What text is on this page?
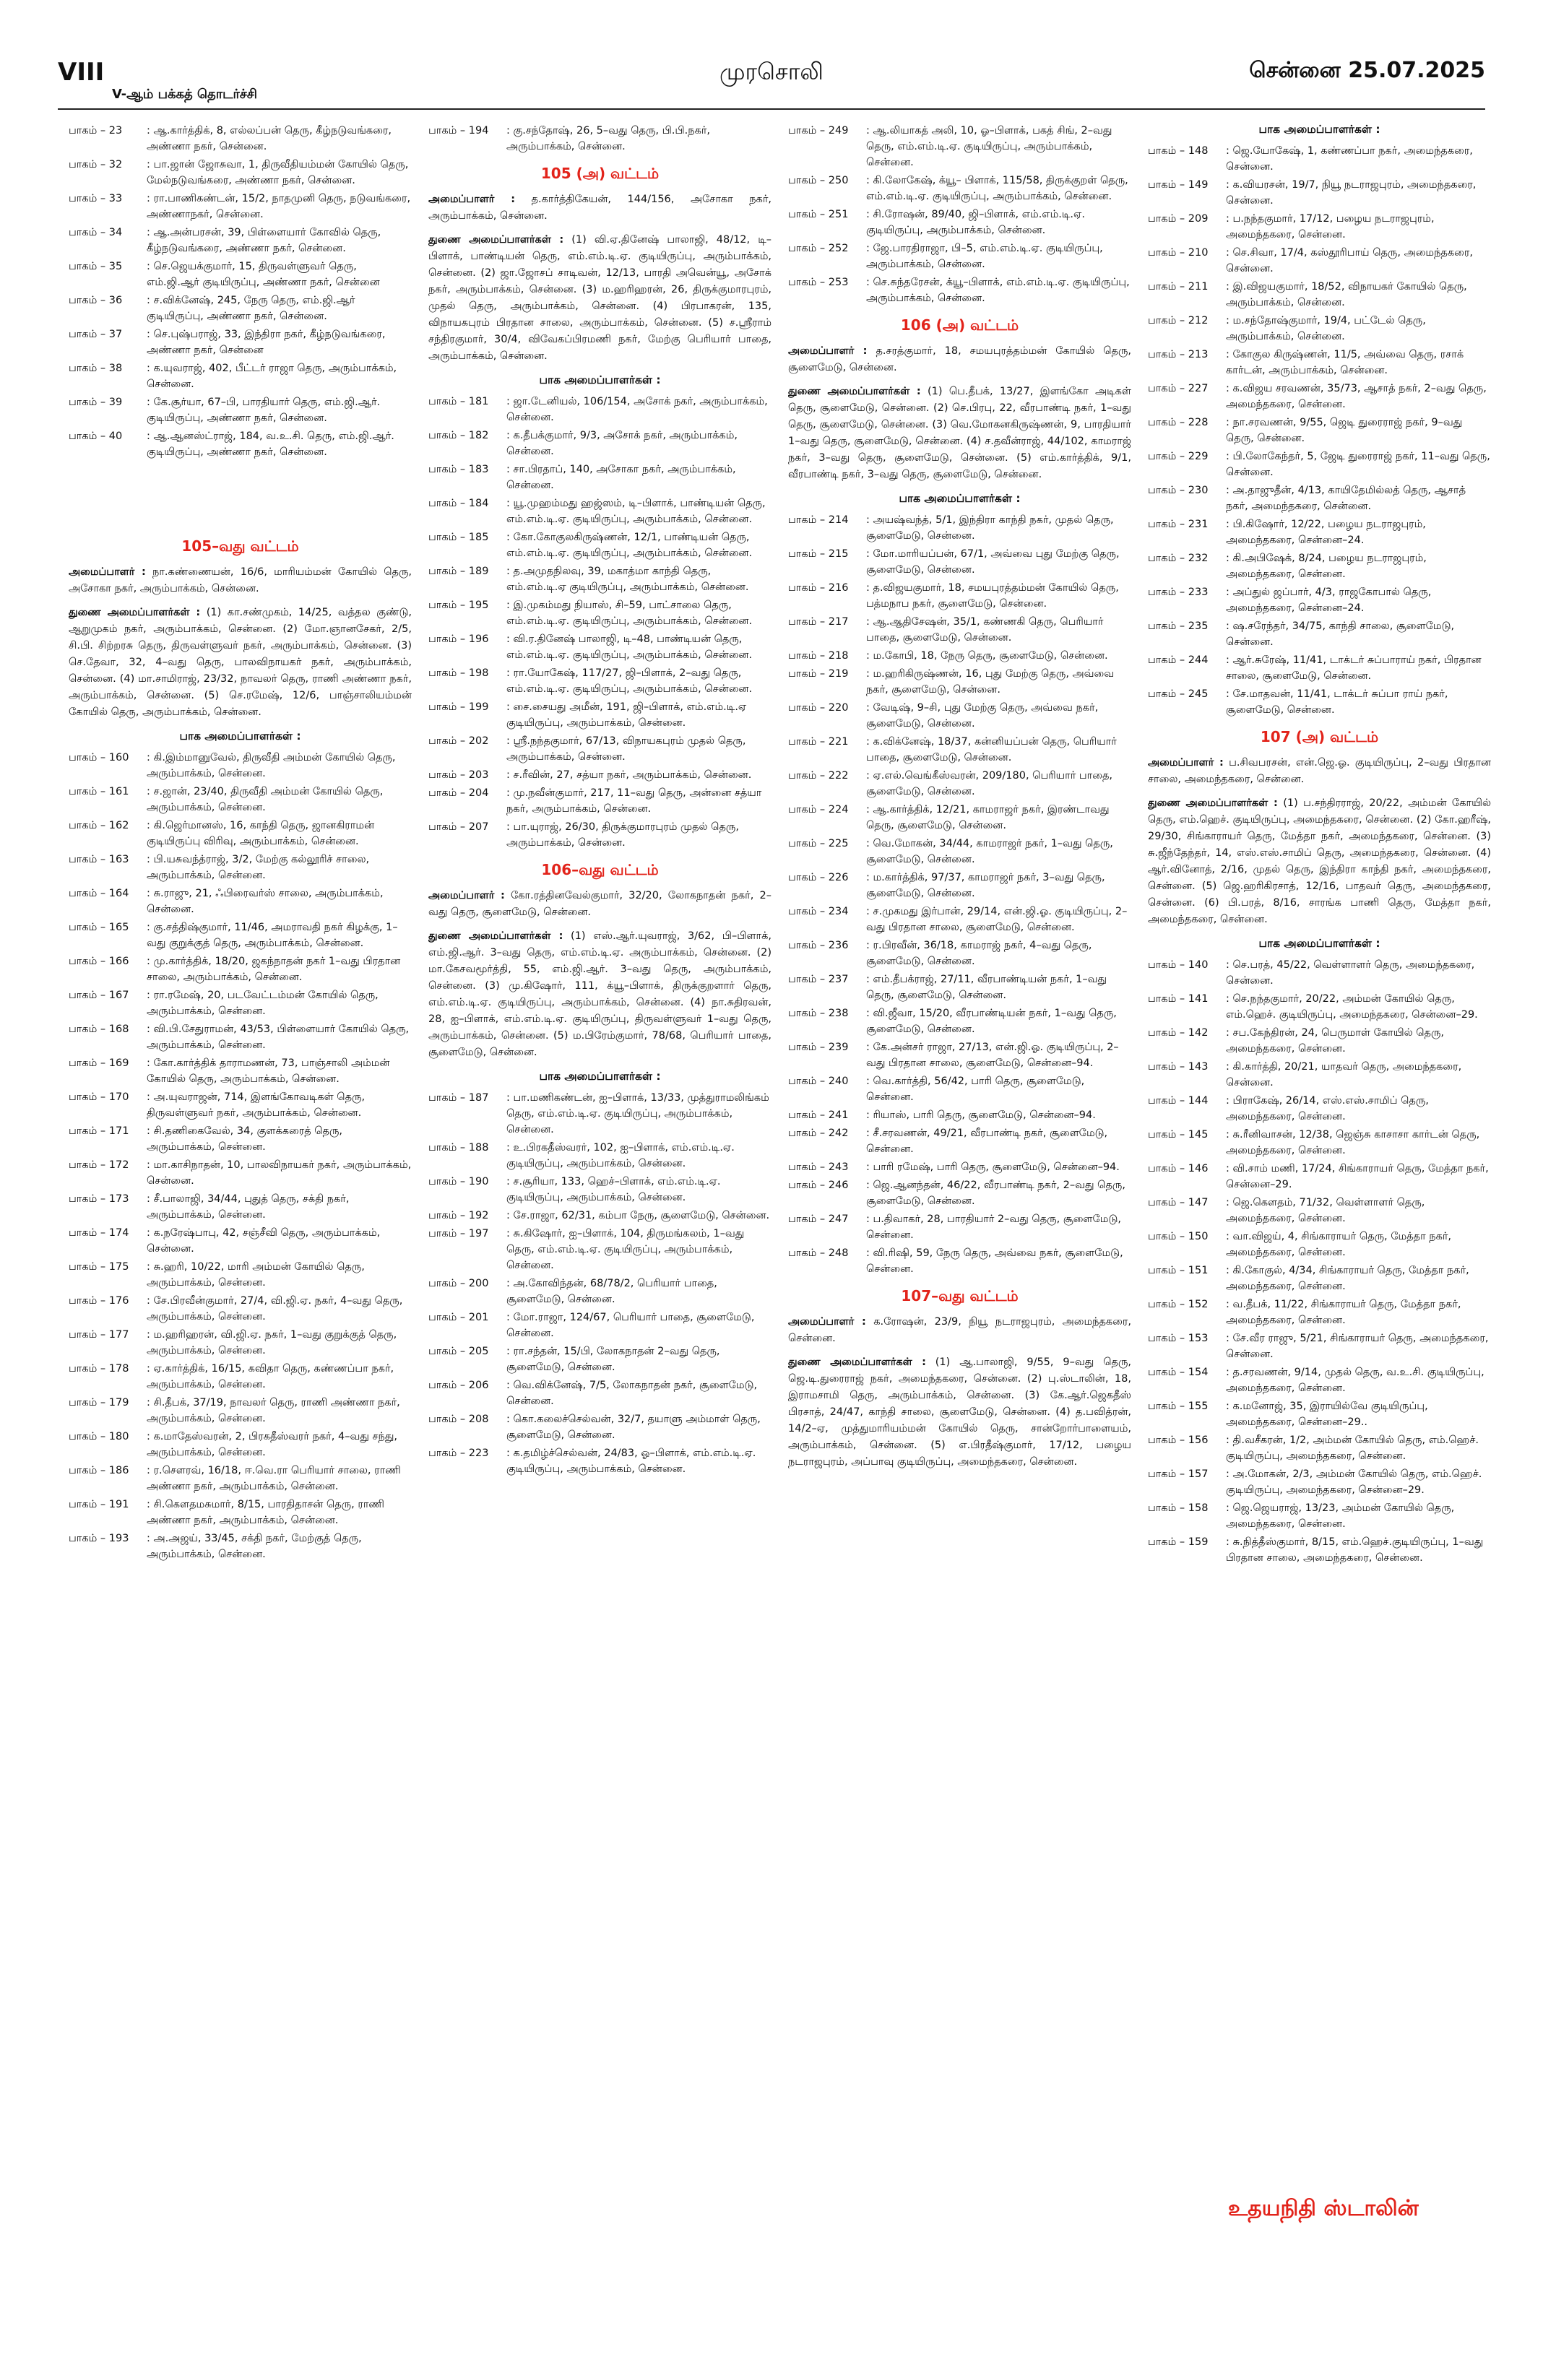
VIII
V-ஆம் பக்கத் தொடர்ச்சி
முரசொலி	சென்னை 25.07.2025
பாகம் – 23	: ஆ.கார்த்திக், 8, எல்லப்பன் தெரு, கீழ்நடுவங்கரை, அண்ணா நகர், சென்னை.
பாகம் – 32	: பா.ஜான் ஜோசுவா, 1, திருவீதியம்மன் கோயில் தெரு, மேல்நடுவங்கரை, அண்ணா நகர், சென்னை.
பாகம் – 33	: ரா.பாணிகண்டன், 15/2, நாதமுனி தெரு, நடுவங்கரை, அண்ணாநகர், சென்னை.
பாகம் – 34	: ஆ.அன்பரசன், 39, பிள்ளையார் கோவில் தெரு, கீழ்நடுவங்கரை, அண்ணா நகர், சென்னை.
பாகம் – 35	: செ.ஜெயக்குமார், 15, திருவள்ளுவர் தெரு, எம்.ஜி.ஆர் குடியிருப்பு, அண்ணா நகர், சென்னை
பாகம் – 36	: ச.விக்னேஷ், 245, நேரு தெரு, எம்.ஜி.ஆர் குடியிருப்பு, அண்ணா நகர், சென்னை.
பாகம் – 37	: செ.புஷ்பராஜ், 33, இந்திரா நகர், கீழ்நடுவங்கரை, அண்ணா நகர், சென்னை
பாகம் – 38	: க.யுவராஜ், 402, பீட்டர் ராஜா தெரு, அரும்பாக்கம், சென்னை.
பாகம் – 39	: கே.சூர்யா, 67–பி, பாரதியார் தெரு, எம்.ஜி.ஆர். குடியிருப்பு, அண்ணா நகர், சென்னை.
பாகம் – 40	: ஆ.ஆனஸ்ட்ராஜ், 184, வ.உ.சி. தெரு, எம்.ஜி.ஆர். குடியிருப்பு, அண்ணா நகர், சென்னை.
105–வது வட்டம்
அமைப்பாளர் : நா.கண்ணையன், 16/6, மாரியம்மன் கோயில் தெரு, அசோகா நகர், அரும்பாக்கம், சென்னை.
துணை அமைப்பாளர்கள் : (1) கா.சண்முகம், 14/25, வத்தல குண்டு, ஆறுமுகம் நகர், அரும்பாக்கம், சென்னை. (2) மோ.ஞானசேகர், 2/5, சி.பி. சிற்றரசு தெரு, திருவள்ளுவர் நகர், அரும்பாக்கம், சென்னை. (3) செ.தேவா, 32, 4–வது தெரு, பாலவிநாயகர் நகர், அரும்பாக்கம், சென்னை. (4) மா.சாமிராஜ், 23/32, நாவலர் தெரு, ராணி அண்ணா நகர், அரும்பாக்கம், சென்னை. (5) செ.ரமேஷ், 12/6, பாஞ்சாலியம்மன் கோயில் தெரு, அரும்பாக்கம், சென்னை.
பாக அமைப்பாளர்கள் :
பாகம் – 160	: கி.இம்மானுவேல், திருவீதி அம்மன் கோயில் தெரு, அரும்பாக்கம், சென்னை.
பாகம் – 161	: ச.ஜான், 23/40, திருவீதி அம்மன் கோயில் தெரு, அரும்பாக்கம், சென்னை.
பாகம் – 162	: கி.ஜெர்மானஸ், 16, காந்தி தெரு, ஜானகிராமன் குடியிருப்பு விரிவு, அரும்பாக்கம், சென்னை.
பாகம் – 163	: பி.யசுவந்த்ராஜ், 3/2, மேற்கு கல்லூரிச் சாலை, அரும்பாக்கம், சென்னை.
பாகம் – 164	: சு.ராஜு, 21, ஃபிரைவர்ஸ் சாலை, அரும்பாக்கம், சென்னை.
பாகம் – 165	: கு.சத்திஷ்குமார், 11/46, அமராவதி நகர் கிழக்கு, 1–வது குறுக்குத் தெரு, அரும்பாக்கம், சென்னை.
பாகம் – 166	: மு.கார்த்திக், 18/20, ஜகந்நாதன் நகர் 1–வது பிரதான சாலை, அரும்பாக்கம், சென்னை.
பாகம் – 167	: ரா.ரமேஷ், 20, படவேட்டம்மன் கோயில் தெரு, அரும்பாக்கம், சென்னை.
பாகம் – 168	: வி.பி.சேதுராமன், 43/53, பிள்ளையார் கோயில் தெரு, அரும்பாக்கம், சென்னை.
பாகம் – 169	: கோ.கார்த்திக் தாராமணன், 73, பாஞ்சாலி அம்மன் கோயில் தெரு, அரும்பாக்கம், சென்னை.
பாகம் – 170	: அ.யுவராஜன், 714, இளங்கோவடிகள் தெரு, திருவள்ளுவர் நகர், அரும்பாக்கம், சென்னை.
பாகம் – 171	: சி.தணிகைவேல், 34, குளக்கரைத் தெரு, அரும்பாக்கம், சென்னை.
பாகம் – 172	: மா.காசிநாதன், 10, பாலவிநாயகர் நகர், அரும்பாக்கம், சென்னை.
பாகம் – 173	: சீ.பாலாஜி, 34/44, புதுத் தெரு, சக்தி நகர், அரும்பாக்கம், சென்னை.
பாகம் – 174	: க.நரேஷ்பாபு, 42, சஞ்சீவி தெரு, அரும்பாக்கம், சென்னை.
பாகம் – 175	: சு.ஹரி, 10/22, மாரி அம்மன் கோயில் தெரு, அரும்பாக்கம், சென்னை.
பாகம் – 176	: சே.பிரவீன்குமார், 27/4, வி.ஜி.ஏ. நகர், 4–வது தெரு, அரும்பாக்கம், சென்னை.
பாகம் – 177	: ம.ஹரிஹரன், வி.ஜி.ஏ. நகர், 1–வது குறுக்குத் தெரு, அரும்பாக்கம், சென்னை.
பாகம் – 178	: ஏ.கார்த்திக், 16/15, கவிதா தெரு, கண்ணப்பா நகர், அரும்பாக்கம், சென்னை.
பாகம் – 179	: சி.தீபக், 37/19, நாவலர் தெரு, ராணி அண்ணா நகர், அரும்பாக்கம், சென்னை.
பாகம் – 180	: க.மாதேஸ்வரன், 2, பிரகதீஸ்வரர் நகர், 4–வது சந்து, அரும்பாக்கம், சென்னை.
பாகம் – 186	: ர.சௌரவ், 16/18, ஈ.வெ.ரா பெரியார் சாலை, ராணி அண்ணா நகர், அரும்பாக்கம், சென்னை.
பாகம் – 191	: சி.கௌதமசுமார், 8/15, பாரதிதாசன் தெரு, ராணி அண்ணா நகர், அரும்பாக்கம், சென்னை.
பாகம் – 193	: அ.அஜய், 33/45, சக்தி நகர், மேற்குத் தெரு, அரும்பாக்கம், சென்னை.
பாகம் – 194	: கு.சந்தோஷ், 26, 5–வது தெரு, பி.பி.நகர், அரும்பாக்கம், சென்னை.
105 (அ) வட்டம்
அமைப்பாளர் : த.கார்த்திகேயன், 144/156, அசோகா நகர், அரும்பாக்கம், சென்னை.
துணை அமைப்பாளர்கள் : (1) வி.ஏ.தினேஷ் பாலாஜி, 48/12, டி–பிளாக், பாண்டியன் தெரு, எம்.எம்.டி.ஏ. குடியிருப்பு, அரும்பாக்கம், சென்னை. (2) ஜா.ஜோசப் சாடிவன், 12/13, பாரதி அவென்யூ, அசோக் நகர், அரும்பாக்கம், சென்னை. (3) ம.ஹரிஹரன், 26, திருக்குமாரபுரம், முதல் தெரு, அரும்பாக்கம், சென்னை. (4) பிரபாகரன், 135, விநாயகபுரம் பிரதான சாலை, அரும்பாக்கம், சென்னை. (5) ச.ஸ்ரீராம் சந்திரகுமார், 30/4, விவேகப்பிரமணி நகர், மேற்கு பெரியார் பாதை, அரும்பாக்கம், சென்னை.
பாக அமைப்பாளர்கள் :
பாகம் – 181	: ஜா.டேனியல், 106/154, அசோக் நகர், அரும்பாக்கம், சென்னை.
பாகம் – 182	: க.தீபக்குமார், 9/3, அசோக் நகர், அரும்பாக்கம், சென்னை.
பாகம் – 183	: சா.பிரதாப், 140, அசோகா நகர், அரும்பாக்கம், சென்னை.
பாகம் – 184	: யூ.முஹம்மது ஹஜ்ஸம், டி–பிளாக், பாண்டியன் தெரு, எம்.எம்.டி.ஏ. குடியிருப்பு, அரும்பாக்கம், சென்னை.
பாகம் – 185	: கோ.கோகுலகிருஷ்ணன், 12/1, பாண்டியன் தெரு, எம்.எம்.டி.ஏ. குடியிருப்பு, அரும்பாக்கம், சென்னை.
பாகம் – 189	: த.அமுதநிலவு, 39, மகாத்மா காந்தி தெரு, எம்.எம்.டி.ஏ குடியிருப்பு, அரும்பாக்கம், சென்னை.
பாகம் – 195	: இ.முகம்மது நியாஸ், சி–59, பாட்சாலை தெரு, எம்.எம்.டி.ஏ. குடியிருப்பு, அரும்பாக்கம், சென்னை.
பாகம் – 196	: வி.ர.தினேஷ் பாலாஜி, டி–48, பாண்டியன் தெரு, எம்.எம்.டி.ஏ. குடியிருப்பு, அரும்பாக்கம், சென்னை.
பாகம் – 198	: ரா.யோகேஷ், 117/27, ஜி–பிளாக், 2–வது தெரு, எம்.எம்.டி.ஏ. குடியிருப்பு, அரும்பாக்கம், சென்னை.
பாகம் – 199	: சை.சையது அமீன், 191, ஜி–பிளாக், எம்.எம்.டி.ஏ குடியிருப்பு, அரும்பாக்கம், சென்னை.
பாகம் – 202	: ஸ்ரீ.நந்தகுமார், 67/13, விநாயகபுரம் முதல் தெரு, அரும்பாக்கம், சென்னை.
பாகம் – 203	: ச.ரீவின், 27, சத்யா நகர், அரும்பாக்கம், சென்னை.
பாகம் – 204	: மு.நவீன்குமார், 217, 11–வது தெரு, அன்னை சத்யா நகர், அரும்பாக்கம், சென்னை.
பாகம் – 207	: பா.யுராஜ், 26/30, திருக்குமாரபுரம் முதல் தெரு, அரும்பாக்கம், சென்னை.
106–வது வட்டம்
அமைப்பாளர் : கோ.ரத்தினவேல்குமார், 32/20, லோகநாதன் நகர், 2–வது தெரு, சூளைமேடு, சென்னை.
துணை அமைப்பாளர்கள் : (1) எஸ்.ஆர்.யுவராஜ், 3/62, பி–பிளாக், எம்.ஜி.ஆர். 3–வது தெரு, எம்.எம்.டி.ஏ. அரும்பாக்கம், சென்னை. (2) மா.கேசவமூர்த்தி, 55, எம்.ஜி.ஆர். 3–வது தெரு, அரும்பாக்கம், சென்னை. (3) மு.கிஷோர், 111, க்யூ–பிளாக், திருக்குறளார் தெரு, எம்.எம்.டி.ஏ. குடியிருப்பு, அரும்பாக்கம், சென்னை. (4) நா.சுதிரவன், 28, ஐ–பிளாக், எம்.எம்.டி.ஏ. குடியிருப்பு, திருவள்ளுவர் 1–வது தெரு, அரும்பாக்கம், சென்னை. (5) ம.பிரேம்குமார், 78/68, பெரியார் பாதை, சூளைமேடு, சென்னை.
பாக அமைப்பாளர்கள் :
பாகம் – 187	: பா.மணிகண்டன், ஐ–பிளாக், 13/33, முத்துராமலிங்கம் தெரு, எம்.எம்.டி.ஏ. குடியிருப்பு, அரும்பாக்கம், சென்னை.
பாகம் – 188	: உ.பிரகதீஸ்வரர், 102, ஐ–பிளாக், எம்.எம்.டி.ஏ. குடியிருப்பு, அரும்பாக்கம், சென்னை.
பாகம் – 190	: ச.சூரியா, 133, ஹெச்–பிளாக், எம்.எம்.டி.ஏ. குடியிருப்பு, அரும்பாக்கம், சென்னை.
பாகம் – 192	: சே.ராஜா, 62/31, கம்பா நேரு, சூளைமேடு, சென்னை.
பாகம் – 197	: சு.கிஷோர், ஐ–பிளாக், 104, திருமங்கலம், 1–வது தெரு, எம்.எம்.டி.ஏ. குடியிருப்பு, அரும்பாக்கம், சென்னை.
பாகம் – 200	: அ.கோவிந்தன், 68/78/2, பெரியார் பாதை, சூளைமேடு, சென்னை.
பாகம் – 201	: மோ.ராஜா, 124/67, பெரியார் பாதை, சூளைமேடு, சென்னை.
பாகம் – 205	: ரா.சந்தன், 15/பி, லோகநாதன் 2–வது தெரு, சூளைமேடு, சென்னை.
பாகம் – 206	: வெ.விக்னேஷ், 7/5, லோகநாதன் நகர், சூளைமேடு, சென்னை.
பாகம் – 208	: கொ.கலைச்செல்வன், 32/7, தயாளு அம்மாள் தெரு, சூளைமேடு, சென்னை.
பாகம் – 223	: க.தமிழ்ச்செல்வன், 24/83, ஓ–பிளாக், எம்.எம்.டி.ஏ. குடியிருப்பு, அரும்பாக்கம், சென்னை.
பாகம் – 249	: ஆ.லியாகத் அலி, 10, ஓ–பிளாக், பகத் சிங், 2–வது தெரு, எம்.எம்.டி.ஏ. குடியிருப்பு, அரும்பாக்கம், சென்னை.
பாகம் – 250	: கி.லோகேஷ், க்யூ– பிளாக், 115/58, திருக்குறள் தெரு, எம்.எம்.டி.ஏ. குடியிருப்பு, அரும்பாக்கம், சென்னை.
பாகம் – 251	: சி.ரோஷன், 89/40, ஜி–பிளாக், எம்.எம்.டி.ஏ. குடியிருப்பு, அரும்பாக்கம், சென்னை.
பாகம் – 252	: ஜே.பாரதிராஜா, பி–5, எம்.எம்.டி.ஏ. குடியிருப்பு, அரும்பாக்கம், சென்னை.
பாகம் – 253	: செ.சுந்தரேசன், க்யூ–பிளாக், எம்.எம்.டி.ஏ. குடியிருப்பு, அரும்பாக்கம், சென்னை.
106 (அ) வட்டம்
அமைப்பாளர் : த.சரத்குமார், 18, சமயபுரத்தம்மன் கோயில் தெரு, சூளைமேடு, சென்னை.
துணை அமைப்பாளர்கள் : (1) பெ.தீபக், 13/27, இளங்கோ அடிகள் தெரு, சூளைமேடு, சென்னை. (2) செ.பிரபு, 22, வீரபாண்டி நகர், 1–வது தெரு, சூளைமேடு, சென்னை. (3) வெ.மோகனகிருஷ்ணன், 9, பாரதியார் 1–வது தெரு, சூளைமேடு, சென்னை. (4) ச.தவீன்ராஜ், 44/102, காமராஜ் நகர், 3–வது தெரு, சூளைமேடு, சென்னை. (5) எம்.கார்த்திக், 9/1, வீரபாண்டி நகர், 3–வது தெரு, சூளைமேடு, சென்னை.
பாக அமைப்பாளர்கள் :
பாகம் – 214	: அயஷ்வந்த், 5/1, இந்திரா காந்தி நகர், முதல் தெரு, சூளைமேடு, சென்னை.
பாகம் – 215	: மோ.மாரியப்பன், 67/1, அவ்வை புது மேற்கு தெரு, சூளைமேடு, சென்னை.
பாகம் – 216	: த.விஜயகுமார், 18, சமயபுரத்தம்மன் கோயில் தெரு, பத்மநாப நகர், சூளைமேடு, சென்னை.
பாகம் – 217	: ஆ.ஆதிசேஷன், 35/1, கண்ணகி தெரு, பெரியார் பாதை, சூளைமேடு, சென்னை.
பாகம் – 218	: ம.கோபி, 18, நேரு தெரு, சூளைமேடு, சென்னை.
பாகம் – 219	: ம.ஹரிகிருஷ்ணன், 16, புது மேற்கு தெரு, அவ்வை நகர், சூளைமேடு, சென்னை.
பாகம் – 220	: வேடிஷ், 9–சி, புது மேற்கு தெரு, அவ்வை நகர், சூளைமேடு, சென்னை.
பாகம் – 221	: க.விக்னேஷ், 18/37, கன்னியப்பன் தெரு, பெரியார் பாதை, சூளைமேடு, சென்னை.
பாகம் – 222	: ஏ.எல்.வெங்கீஸ்வரன், 209/180, பெரியார் பாதை, சூளைமேடு, சென்னை.
பாகம் – 224	: ஆ.கார்த்திக், 12/21, காமராஜர் நகர், இரண்டாவது தெரு, சூளைமேடு, சென்னை.
பாகம் – 225	: வெ.மோகன், 34/44, காமராஜர் நகர், 1–வது தெரு, சூளைமேடு, சென்னை.
பாகம் – 226	: ம.கார்த்திக், 97/37, காமராஜர் நகர், 3–வது தெரு, சூளைமேடு, சென்னை.
பாகம் – 234	: ச.முகமது இர்பான், 29/14, என்.ஜி.ஓ. குடியிருப்பு, 2–வது பிரதான சாலை, சூளைமேடு, சென்னை.
பாகம் – 236	: ர.பிரவீன், 36/18, காமராஜ் நகர், 4–வது தெரு, சூளைமேடு, சென்னை.
பாகம் – 237	: எம்.தீபக்ராஜ், 27/11, வீரபாண்டியன் நகர், 1–வது தெரு, சூளைமேடு, சென்னை.
பாகம் – 238	: வி.ஜீவா, 15/20, வீரபாண்டியன் நகர், 1–வது தெரு, சூளைமேடு, சென்னை.
பாகம் – 239	: கே.அன்சர் ராஜா, 27/13, என்.ஜி.ஓ. குடியிருப்பு, 2–வது பிரதான சாலை, சூளைமேடு, சென்னை–94.
பாகம் – 240	: வெ.கார்த்தி, 56/42, பாரி தெரு, சூளைமேடு, சென்னை.
பாகம் – 241	: ரியாஸ், பாரி தெரு, சூளைமேடு, சென்னை–94.
பாகம் – 242	: சீ.சரவணன், 49/21, வீரபாண்டி நகர், சூளைமேடு, சென்னை.
பாகம் – 243	: பாரி ரமேஷ், பாரி தெரு, சூளைமேடு, சென்னை–94.
பாகம் – 246	: ஜெ.ஆனந்தன், 46/22, வீரபாண்டி நகர், 2–வது தெரு, சூளைமேடு, சென்னை.
பாகம் – 247	: ப.திவாகர், 28, பாரதியார் 2–வது தெரு, சூளைமேடு, சென்னை.
பாகம் – 248	: வி.ரிஷி, 59, நேரு தெரு, அவ்வை நகர், சூளைமேடு, சென்னை.
107–வது வட்டம்
அமைப்பாளர் : க.ரோஷன், 23/9, நியூ நடராஜபுரம், அமைந்தகரை, சென்னை.
துணை அமைப்பாளர்கள் : (1) ஆ.பாலாஜி, 9/55, 9–வது தெரு, ஜெ.டி.துரைராஜ் நகர், அமைந்தகரை, சென்னை. (2) பு.ஸ்டாலின், 18, இராமசாமி தெரு, அரும்பாக்கம், சென்னை. (3) கே.ஆர்.ஜெகதீஸ் பிரசாத், 24/47, காந்தி சாலை, சூளைமேடு, சென்னை. (4) த.பவித்ரன், 14/2–ஏ, முத்துமாரியம்மன் கோயில் தெரு, சான்றோர்பாளையம், அரும்பாக்கம், சென்னை. (5) எ.பிரதீஷ்குமார், 17/12, பழைய நடராஜபுரம், அப்பாவு குடியிருப்பு, அமைந்தகரை, சென்னை.
பாக அமைப்பாளர்கள் :
பாகம் – 148	: ஜெ.யோகேஷ், 1, கண்ணப்பா நகர், அமைந்தகரை, சென்னை.
பாகம் – 149	: க.வியரசன், 19/7, நியூ நடராஜபுரம், அமைந்தகரை, சென்னை.
பாகம் – 209	: ப.நந்தகுமார், 17/12, பழைய நடராஜபுரம், அமைந்தகரை, சென்னை.
பாகம் – 210	: செ.சிவா, 17/4, கஸ்தூரிபாய் தெரு, அமைந்தகரை, சென்னை.
பாகம் – 211	: இ.விஜயகுமார், 18/52, விநாயகர் கோயில் தெரு, அரும்பாக்கம், சென்னை.
பாகம் – 212	: ம.சந்தோஷ்குமார், 19/4, பட்டேல் தெரு, அரும்பாக்கம், சென்னை.
பாகம் – 213	: கோகுல கிருஷ்ணன், 11/5, அவ்வை தெரு, ரசாக் கார்டன், அரும்பாக்கம், சென்னை.
பாகம் – 227	: க.விஜய சரவணன், 35/73, ஆசாத் நகர், 2–வது தெரு, அமைந்தகரை, சென்னை.
பாகம் – 228	: நா.சரவணன், 9/55, ஜெடி துரைராஜ் நகர், 9–வது தெரு, சென்னை.
பாகம் – 229	: பி.லோகேந்தர், 5, ஜேடி துரைராஜ் நகர், 11–வது தெரு, சென்னை.
பாகம் – 230	: அ.தாஜுதீன், 4/13, காயிதேமில்லத் தெரு, ஆசாத் நகர், அமைந்தகரை, சென்னை.
பாகம் – 231	: பி.கிஷோர், 12/22, பழைய நடராஜபுரம், அமைந்தகரை, சென்னை–24.
பாகம் – 232	: கி.அபிஷேக், 8/24, பழைய நடராஜபுரம், அமைந்தகரை, சென்னை.
பாகம் – 233	: அப்துல் ஜப்பார், 4/3, ராஜகோபால் தெரு, அமைந்தகரை, சென்னை–24.
பாகம் – 235	: ஷ.சரேந்தர், 34/75, காந்தி சாலை, சூளைமேடு, சென்னை.
பாகம் – 244	: ஆர்.சுரேஷ், 11/41, டாக்டர் சுப்பாராய் நகர், பிரதான சாலை, சூளைமேடு, சென்னை.
பாகம் – 245	: சே.மாதவன், 11/41, டாக்டர் சுப்பா ராய் நகர், சூளைமேடு, சென்னை.
107 (அ) வட்டம்
அமைப்பாளர் : ப.சிவபரசன், என்.ஜெ.ஓ. குடியிருப்பு, 2–வது பிரதான சாலை, அமைந்தகரை, சென்னை.
துணை அமைப்பாளர்கள் : (1) ப.சந்திரராஜ், 20/22, அம்மன் கோயில் தெரு, எம்.ஹெச். குடியிருப்பு, அமைந்தகரை, சென்னை. (2) கோ.ஹரீஷ், 29/30, சிங்காராயர் தெரு, மேத்தா நகர், அமைந்தகரை, சென்னை. (3) சு.ஜீந்தேந்தர், 14, எஸ்.எஸ்.சாமிப் தெரு, அமைந்தகரை, சென்னை. (4) ஆர்.வினோத், 2/16, முதல் தெரு, இந்திரா காந்தி நகர், அமைந்தகரை, சென்னை. (5) ஜெ.ஹரிகிரசாத், 12/16, பாதவர் தெரு, அமைந்தகரை, சென்னை. (6) பி.பரத், 8/16, சாரங்க பாணி தெரு, மேத்தா நகர், அமைந்தகரை, சென்னை.
பாக அமைப்பாளர்கள் :
பாகம் – 140	: செ.பரத், 45/22, வெள்ளாளர் தெரு, அமைந்தகரை, சென்னை.
பாகம் – 141	: செ.நந்தகுமார், 20/22, அம்மன் கோயில் தெரு, எம்.ஹெச். குடியிருப்பு, அமைந்தகரை, சென்னை–29.
பாகம் – 142	: சப.கேந்திரன், 24, பெருமாள் கோயில் தெரு, அமைந்தகரை, சென்னை.
பாகம் – 143	: கி.கார்த்தி, 20/21, யாதவர் தெரு, அமைந்தகரை, சென்னை.
பாகம் – 144	: பிராகேஷ், 26/14, எஸ்.எஸ்.சாமிப் தெரு, அமைந்தகரை, சென்னை.
பாகம் – 145	: சு.ரீனிவாசன், 12/38, ஜெஞ்சு காசாசா கார்டன் தெரு, அமைந்தகரை, சென்னை.
பாகம் – 146	: வி.சாம் மணி, 17/24, சிங்காராயர் தெரு, மேத்தா நகர், சென்னை–29.
பாகம் – 147	: ஜெ.கௌதம், 71/32, வெள்ளாளர் தெரு, அமைந்தகரை, சென்னை.
பாகம் – 150	: வா.விஜய், 4, சிங்காராயர் தெரு, மேத்தா நகர், அமைந்தகரை, சென்னை.
பாகம் – 151	: கி.கோகுல், 4/34, சிங்காராயர் தெரு, மேத்தா நகர், அமைந்தகரை, சென்னை.
பாகம் – 152	: வ.தீபக், 11/22, சிங்காராயர் தெரு, மேத்தா நகர், அமைந்தகரை, சென்னை.
பாகம் – 153	: சே.வீர ராஜு, 5/21, சிங்காராயர் தெரு, அமைந்தகரை, சென்னை.
பாகம் – 154	: த.சரவணன், 9/14, முதல் தெரு, வ.உ.சி. குடியிருப்பு, அமைந்தகரை, சென்னை.
பாகம் – 155	: க.மனோஜ், 35, இராயில்வே குடியிருப்பு, அமைந்தகரை, சென்னை–29..
பாகம் – 156	: தி.வசீகரன், 1/2, அம்மன் கோயில் தெரு, எம்.ஹெச். குடியிருப்பு, அமைந்தகரை, சென்னை.
பாகம் – 157	: அ.மோகன், 2/3, அம்மன் கோயில் தெரு, எம்.ஹெச். குடியிருப்பு, அமைந்தகரை, சென்னை–29.
பாகம் – 158	: ஜெ.ஜெயராஜ், 13/23, அம்மன் கோயில் தெரு, அமைந்தகரை, சென்னை.
பாகம் – 159	: சு.நித்தீஸ்குமார், 8/15, எம்.ஹெச்.குடியிருப்பு, 1–வது பிரதான சாலை, அமைந்தகரை, சென்னை.
உதயநிதி ஸ்டாலின்
